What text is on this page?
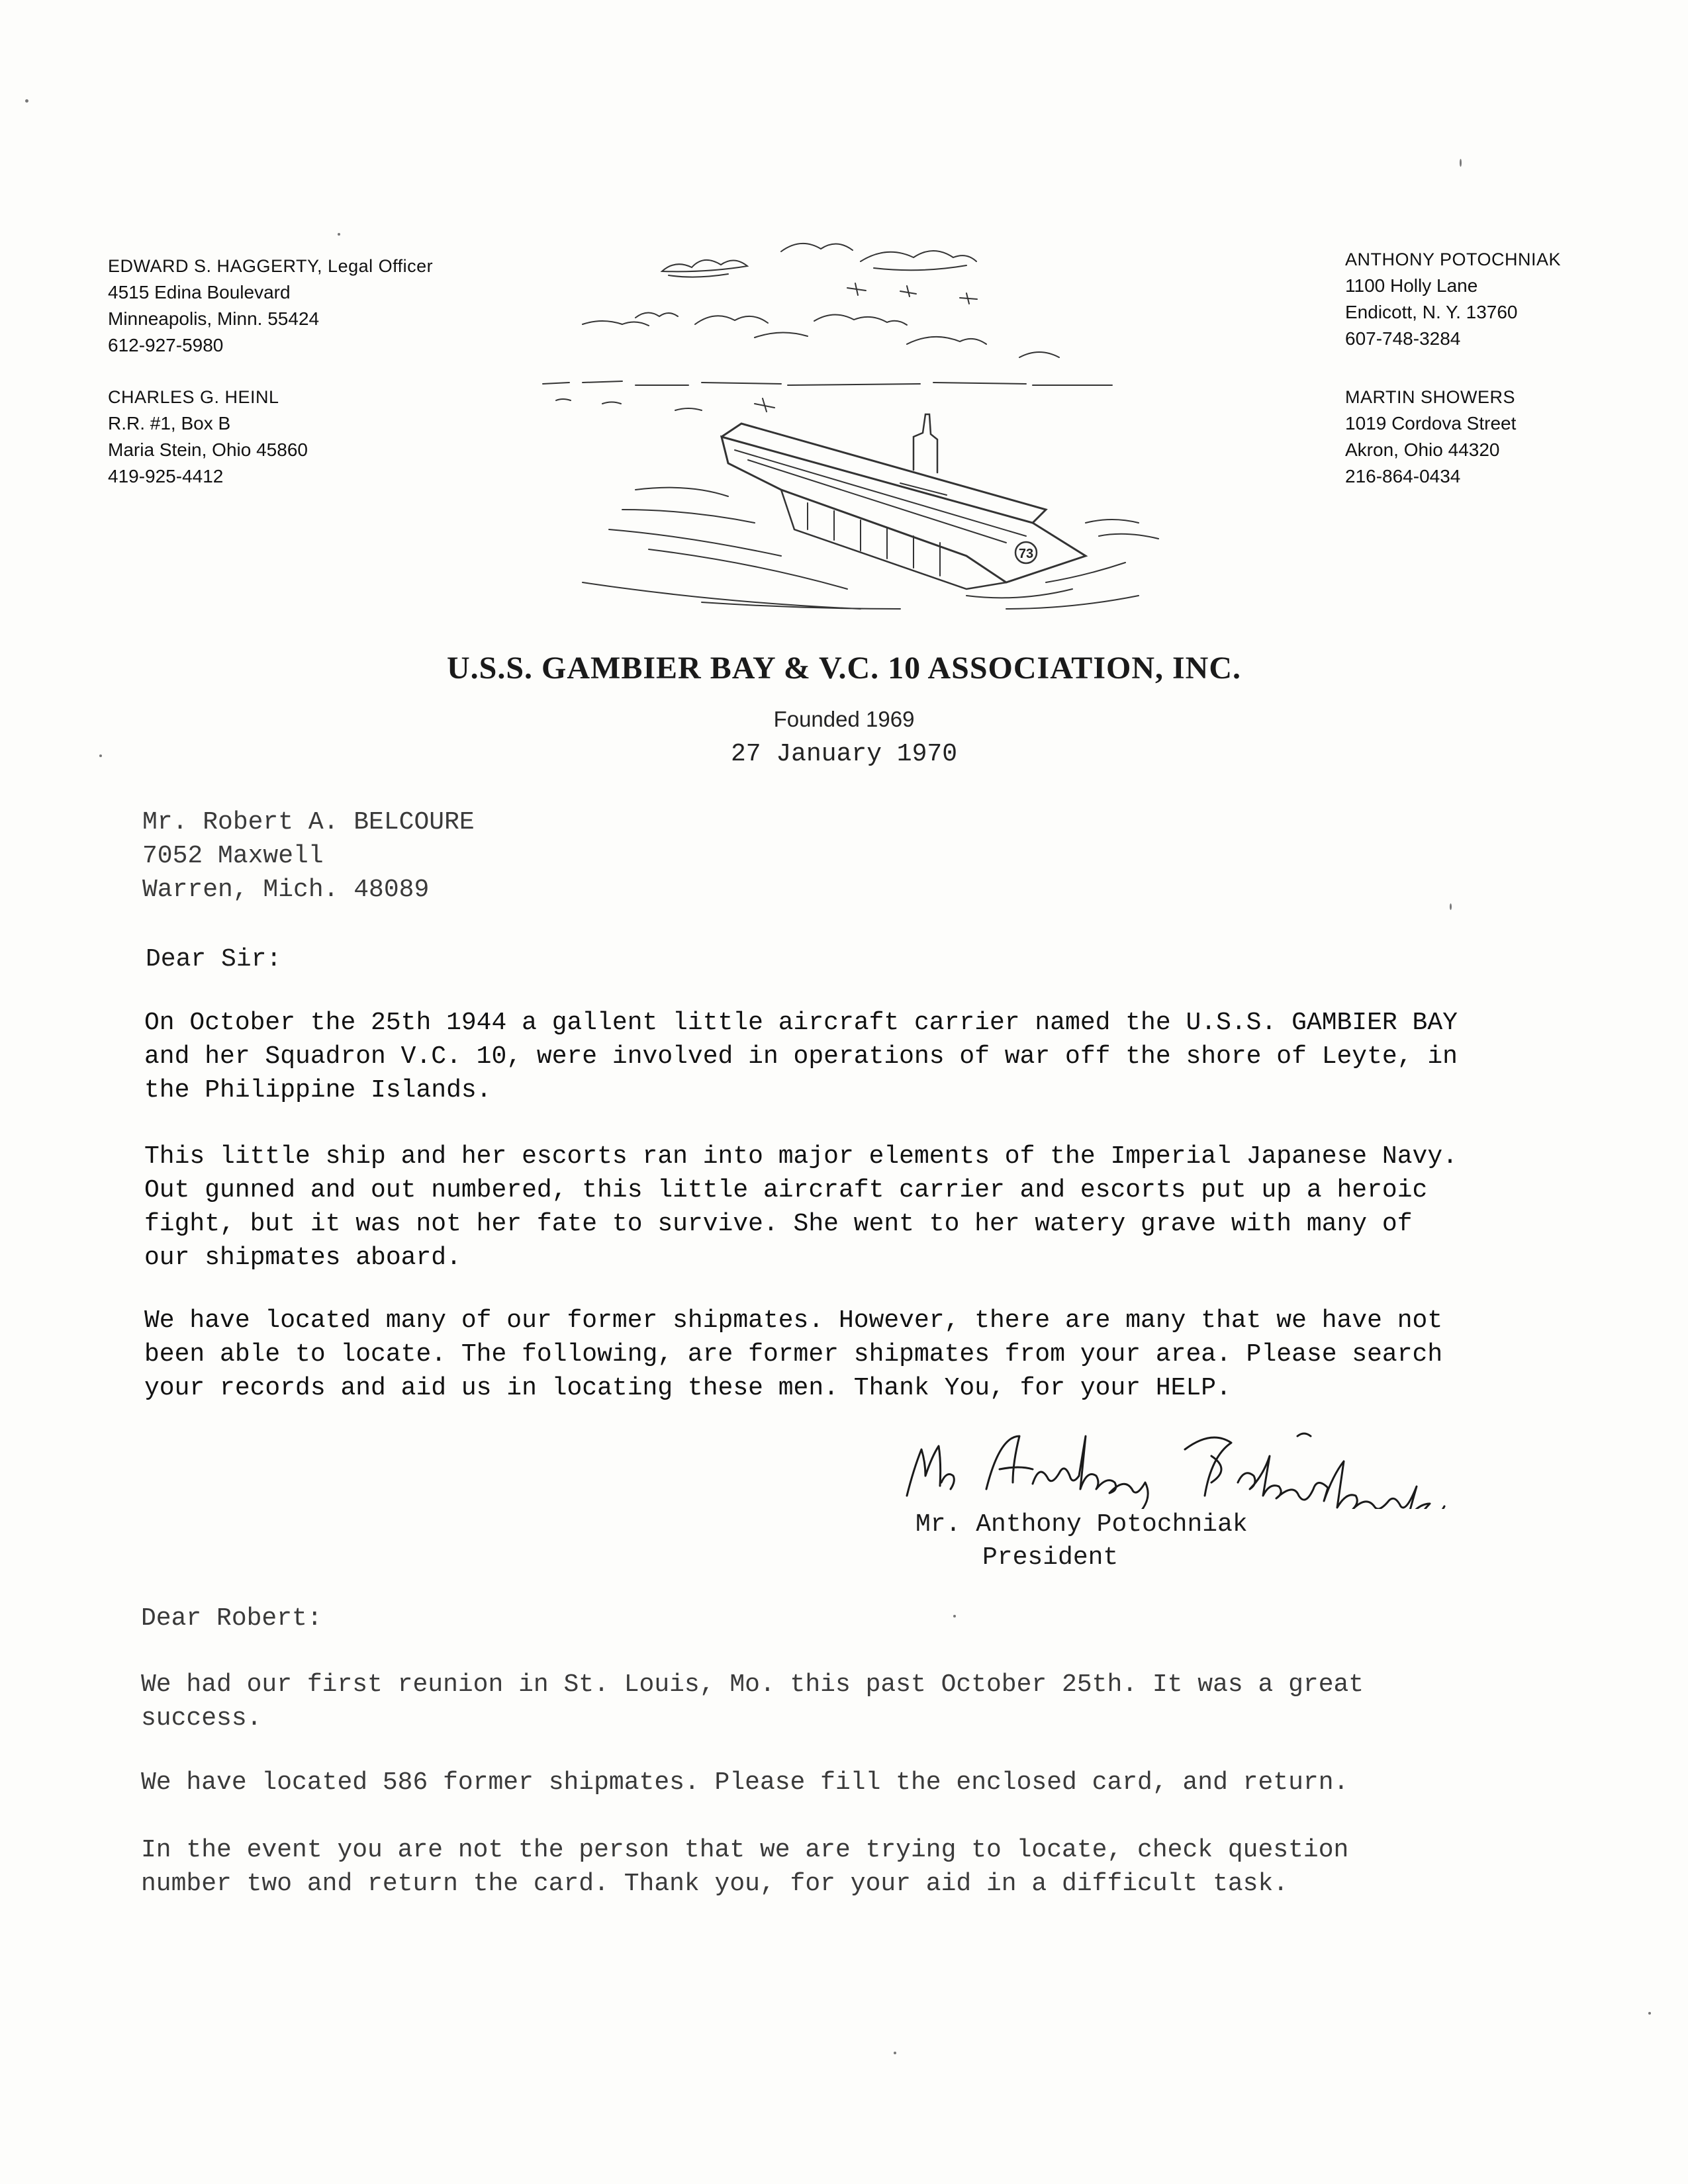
EDWARD S. HAGGERTY, Legal Officer
4515 Edina Boulevard
Minneapolis, Minn. 55424
612-927-5980
CHARLES G. HEINL
R.R. #1, Box B
Maria Stein, Ohio 45860
419-925-4412
ANTHONY POTOCHNIAK
1100 Holly Lane
Endicott, N. Y. 13760
607-748-3284
MARTIN SHOWERS
1019 Cordova Street
Akron, Ohio 44320
216-864-0434
73
U.S.S. GAMBIER BAY & V.C. 10 ASSOCIATION, INC.
Founded 1969
27 January 1970
Mr. Robert A. BELCOURE
7052 Maxwell
Warren, Mich. 48089
Dear Sir:
On October the 25th 1944 a gallent little aircraft carrier named the U.S.S. GAMBIER BAY
and her Squadron V.C. 10, were involved in operations of war off the shore of Leyte, in
the Philippine Islands.
This little ship and her escorts ran into major elements of the Imperial Japanese Navy.
Out gunned and out numbered, this little aircraft carrier and escorts put up a heroic
fight, but it was not her fate to survive. She went to her watery grave with many of
our shipmates aboard.
We have located many of our former shipmates. However, there are many that we have not
been able to locate. The following, are former shipmates from your area. Please search
your records and aid us in locating these men. Thank You, for your HELP.
Mr. Anthony Potochniak
President
Dear Robert:
We had our first reunion in St. Louis, Mo. this past October 25th. It was a great
success.
We have located 586 former shipmates. Please fill the enclosed card, and return.
In the event you are not the person that we are trying to locate, check question
number two and return the card. Thank you, for your aid in a difficult task.
